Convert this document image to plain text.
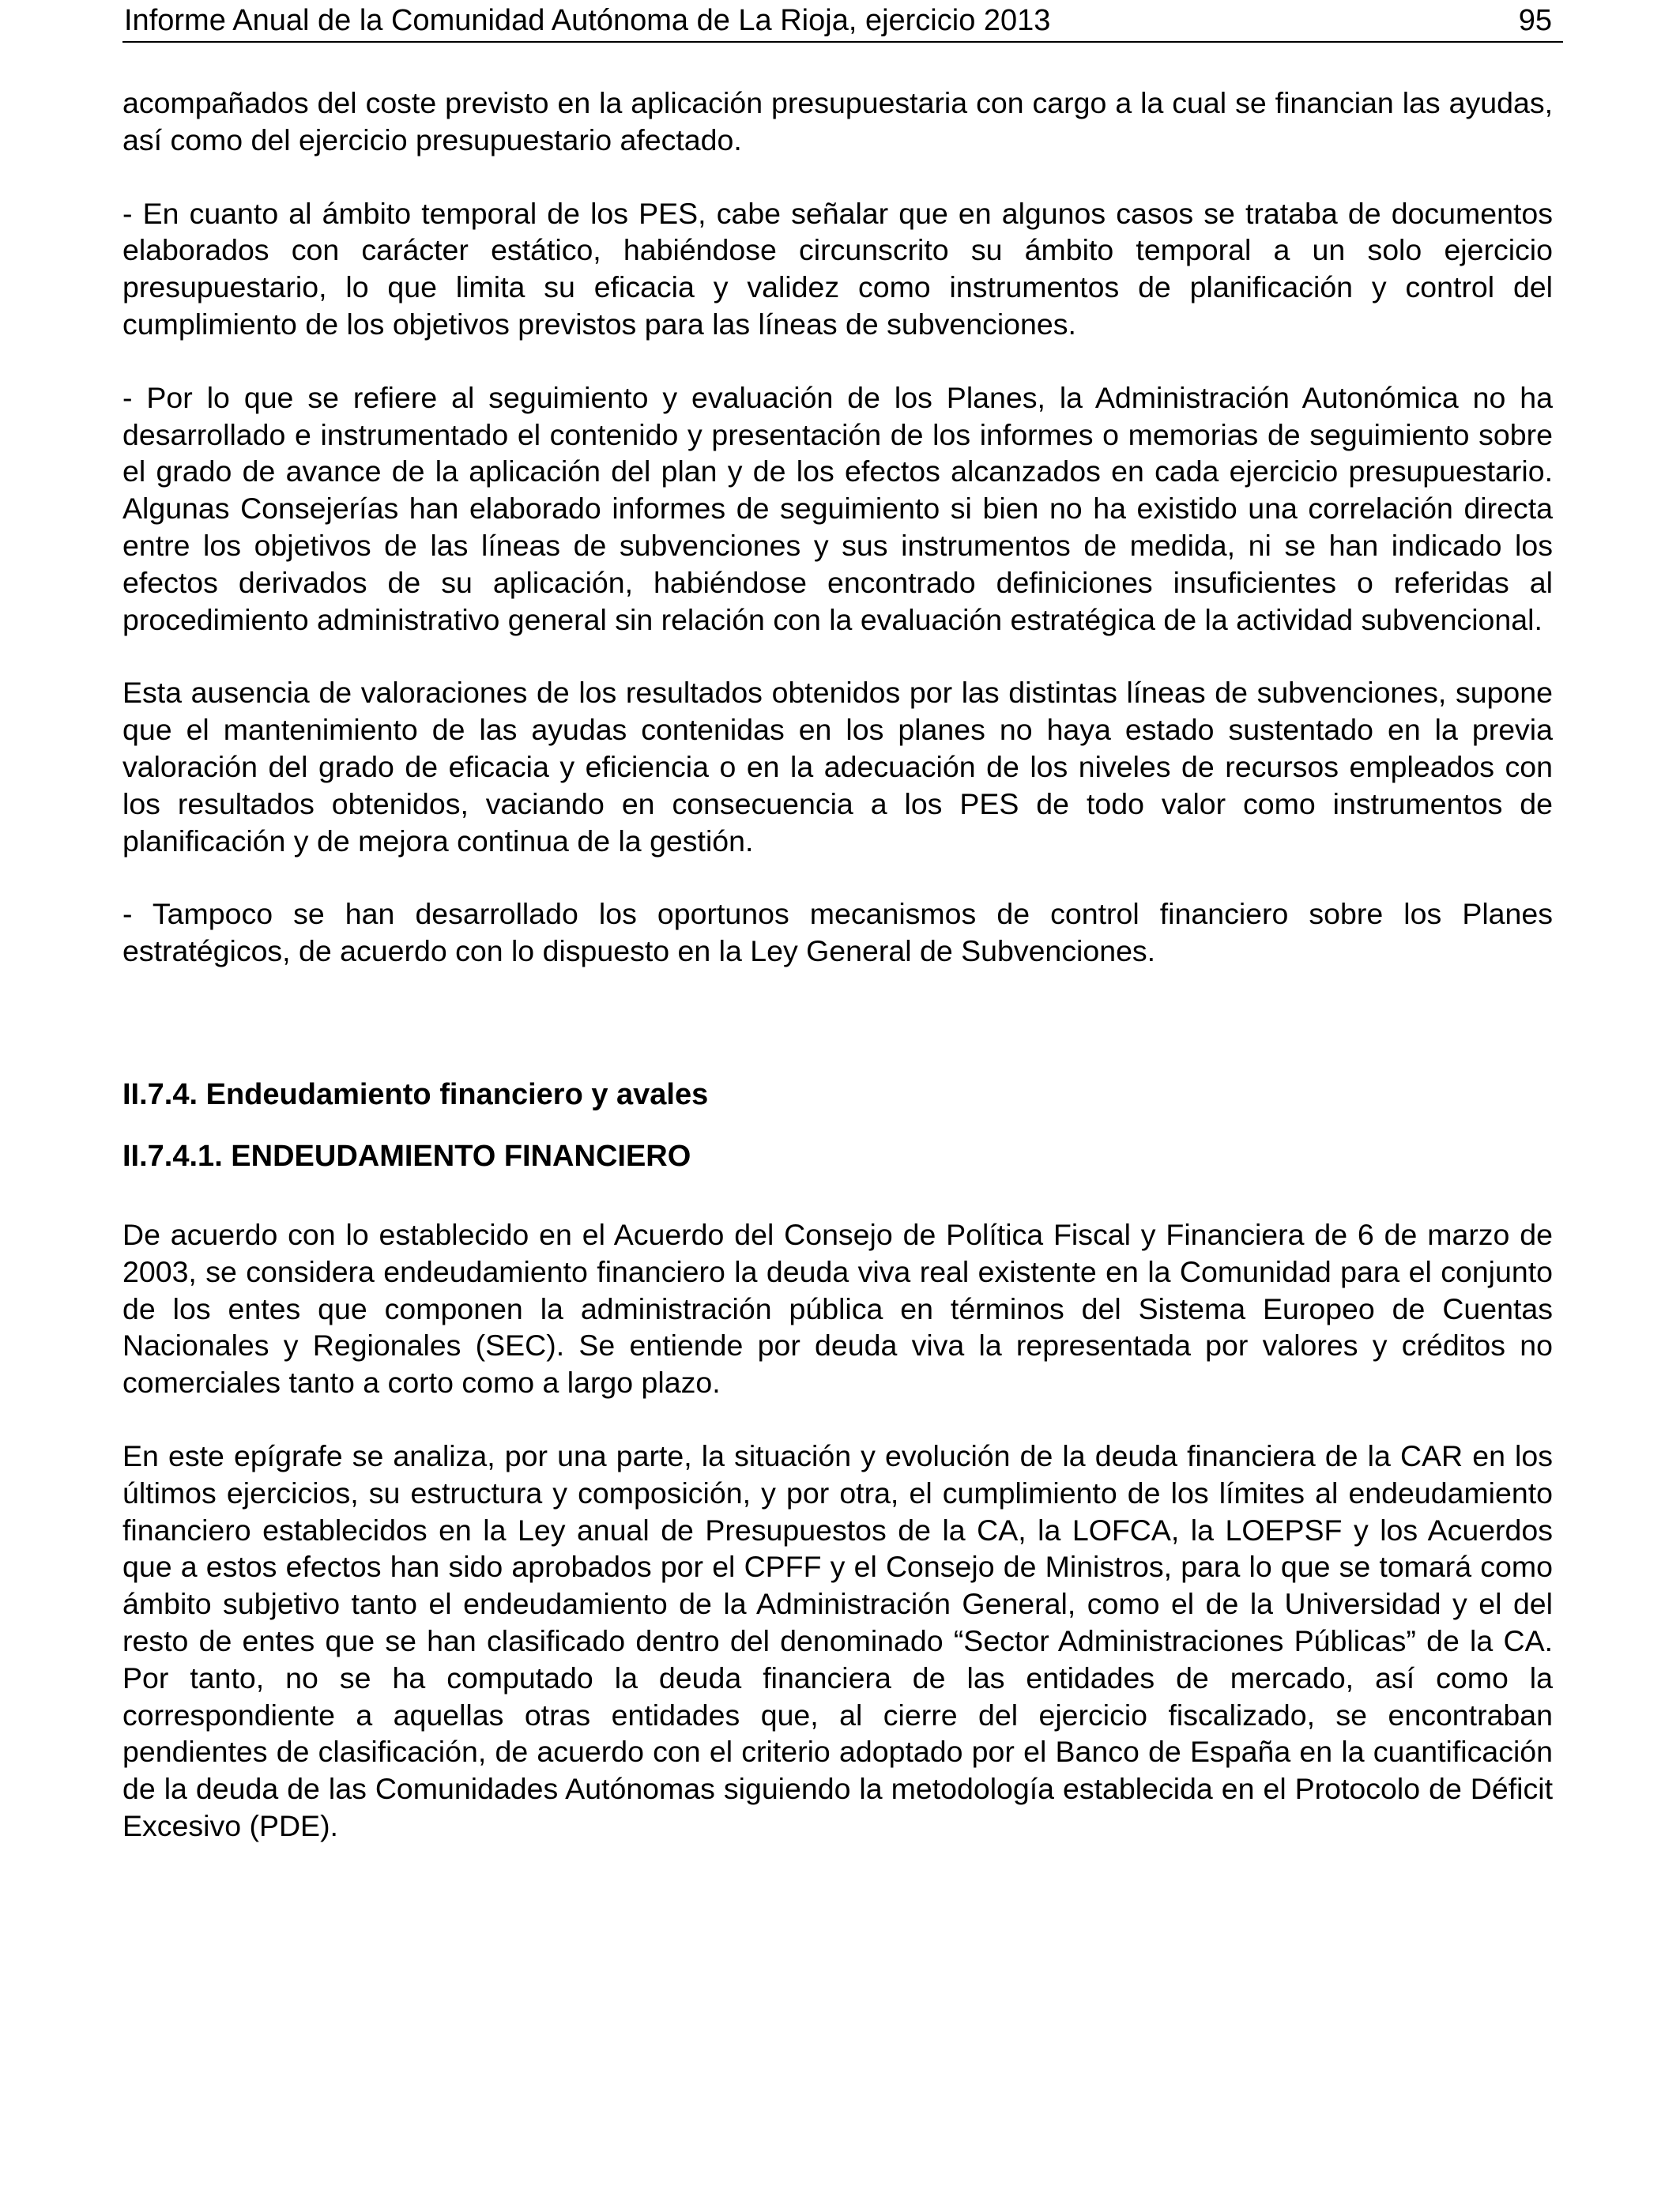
Informe Anual de la Comunidad Autónoma de La Rioja, ejercicio 2013	95

acompañados del coste previsto en la aplicación presupuestaria con cargo a la cual se financian las ayudas, así como del ejercicio presupuestario afectado.

- En cuanto al ámbito temporal de los PES, cabe señalar que en algunos casos se trataba de documentos elaborados con carácter estático, habiéndose circunscrito su ámbito temporal a un solo ejercicio presupuestario, lo que limita su eficacia y validez como instrumentos de planificación y control del cumplimiento de los objetivos previstos para las líneas de subvenciones.

- Por lo que se refiere al seguimiento y evaluación de los Planes, la Administración Autonómica no ha desarrollado e instrumentado el contenido y presentación de los informes o memorias de seguimiento sobre el grado de avance de la aplicación del plan y de los efectos alcanzados en cada ejercicio presupuestario. Algunas Consejerías han elaborado informes de seguimiento si bien no ha existido una correlación directa entre los objetivos de las líneas de subvenciones y sus instrumentos de medida, ni se han indicado los efectos derivados de su aplicación, habiéndose encontrado definiciones insuficientes o referidas al procedimiento administrativo general sin relación con la evaluación estratégica de la actividad subvencional.

Esta ausencia de valoraciones de los resultados obtenidos por las distintas líneas de subvenciones, supone que el mantenimiento de las ayudas contenidas en los planes no haya estado sustentado en la previa valoración del grado de eficacia y eficiencia o en la adecuación de los niveles de recursos empleados con los resultados obtenidos, vaciando en consecuencia a los PES de todo valor como instrumentos de planificación y de mejora continua de la gestión.

- Tampoco se han desarrollado los oportunos mecanismos de control financiero sobre los Planes estratégicos, de acuerdo con lo dispuesto en la Ley General de Subvenciones.

II.7.4. Endeudamiento financiero y avales
II.7.4.1. ENDEUDAMIENTO FINANCIERO

De acuerdo con lo establecido en el Acuerdo del Consejo de Política Fiscal y Financiera de 6 de marzo de 2003, se considera endeudamiento financiero la deuda viva real existente en la Comunidad para el conjunto de los entes que componen la administración pública en términos del Sistema Europeo de Cuentas Nacionales y Regionales (SEC). Se entiende por deuda viva la representada por valores y créditos no comerciales tanto a corto como a largo plazo.

En este epígrafe se analiza, por una parte, la situación y evolución de la deuda financiera de la CAR en los últimos ejercicios, su estructura y composición, y por otra, el cumplimiento de los límites al endeudamiento financiero establecidos en la Ley anual de Presupuestos de la CA, la LOFCA, la LOEPSF y los Acuerdos que a estos efectos han sido aprobados por el CPFF y el Consejo de Ministros, para lo que se tomará como ámbito subjetivo tanto el endeudamiento de la Administración General, como el de la Universidad y el del resto de entes que se han clasificado dentro del denominado “Sector Administraciones Públicas” de la CA. Por tanto, no se ha computado la deuda financiera de las entidades de mercado, así como la correspondiente a aquellas otras entidades que, al cierre del ejercicio fiscalizado, se encontraban pendientes de clasificación, de acuerdo con el criterio adoptado por el Banco de España en la cuantificación de la deuda de las Comunidades Autónomas siguiendo la metodología establecida en el Protocolo de Déficit Excesivo (PDE).
